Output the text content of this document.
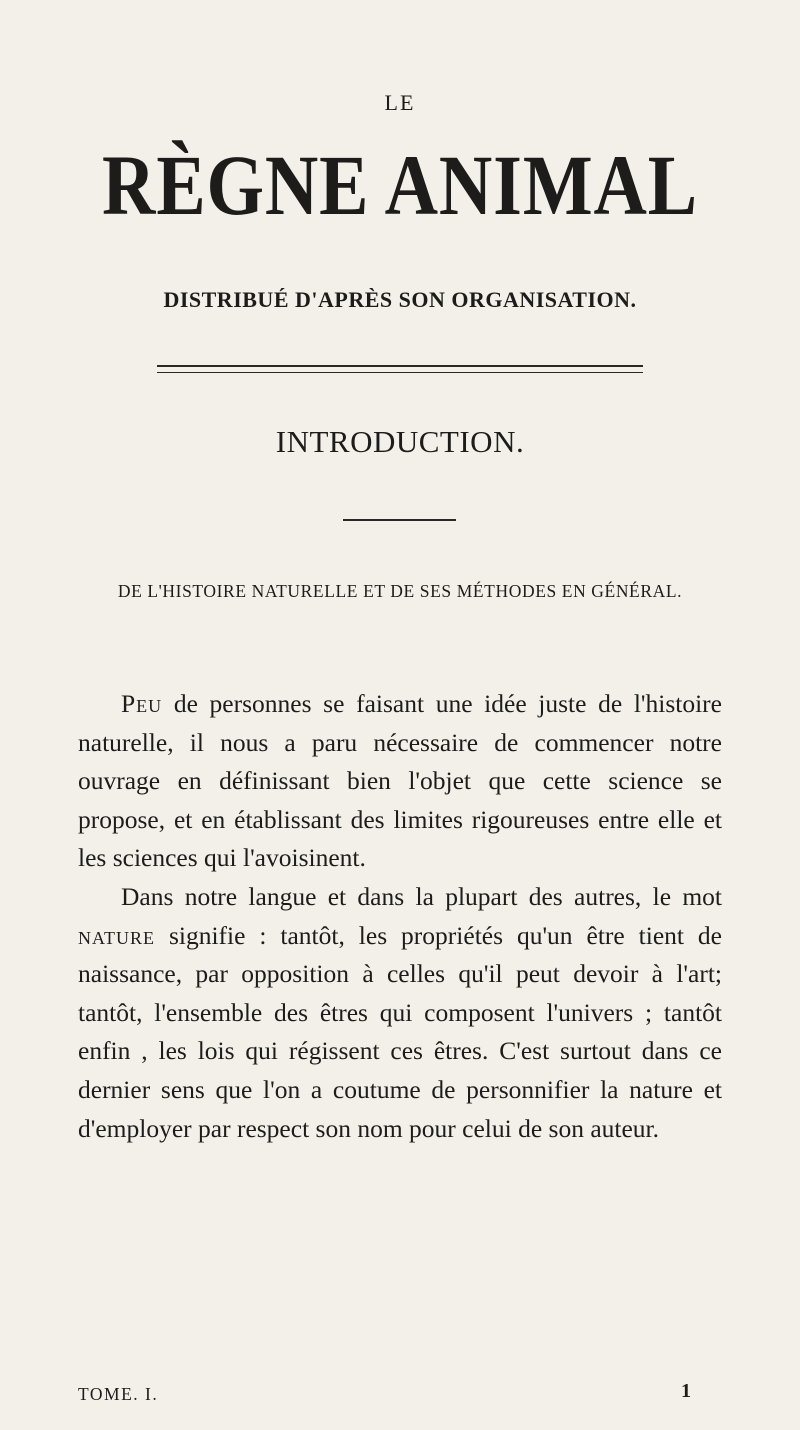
LE
RÈGNE ANIMAL
DISTRIBUÉ D'APRÈS SON ORGANISATION.
INTRODUCTION.
DE L'HISTOIRE NATURELLE ET DE SES MÉTHODES EN GÉNÉRAL.

Peu de personnes se faisant une idée juste de l'histoire naturelle, il nous a paru nécessaire de commencer notre ouvrage en définissant bien l'objet que cette science se propose, et en établissant des limites rigoureuses entre elle et les sciences qui l'avoisinent.

Dans notre langue et dans la plupart des autres, le mot nature signifie : tantôt, les propriétés qu'un être tient de naissance, par opposition à celles qu'il peut devoir à l'art; tantôt, l'ensemble des êtres qui composent l'univers ; tantôt enfin , les lois qui régissent ces êtres. C'est surtout dans ce dernier sens que l'on a coutume de personnifier la nature et d'employer par respect son nom pour celui de son auteur.

TOME. I.	1
